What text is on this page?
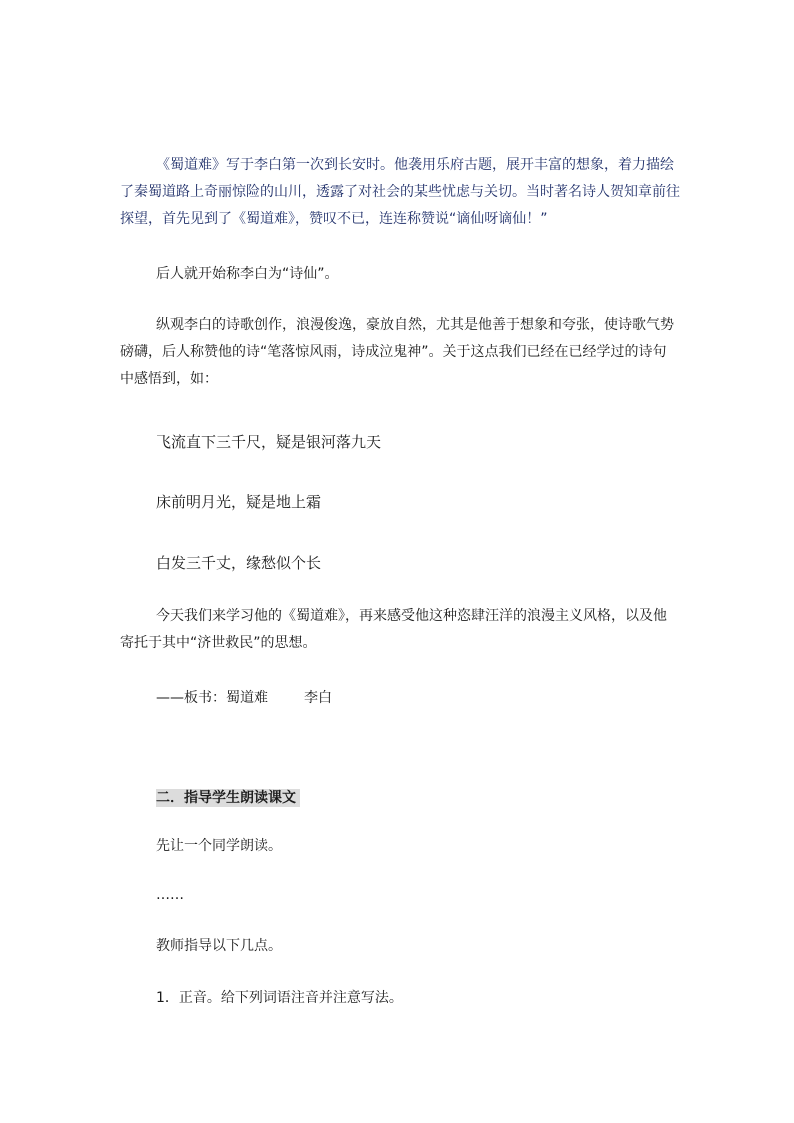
《蜀道难》写于李白第一次到长安时。他袭用乐府古题，展开丰富的想象，着力描绘了秦蜀道路上奇丽惊险的山川，透露了对社会的某些忧虑与关切。当时著名诗人贺知章前往探望，首先见到了《蜀道难》，赞叹不已，连连称赞说“谪仙呀谪仙！”

后人就开始称李白为“诗仙”。

纵观李白的诗歌创作，浪漫俊逸，豪放自然，尤其是他善于想象和夸张，使诗歌气势磅礴，后人称赞他的诗“笔落惊风雨，诗成泣鬼神”。关于这点我们已经在已经学过的诗句中感悟到，如：

飞流直下三千尺，疑是银河落九天

床前明月光，疑是地上霜

白发三千丈，缘愁似个长

今天我们来学习他的《蜀道难》，再来感受他这种恣肆汪洋的浪漫主义风格，以及他寄托于其中“济世救民”的思想。

——板书：蜀道难	李白

二．指导学生朗读课文

先让一个同学朗读。

……

教师指导以下几点。

1．正音。给下列词语注音并注意写法。
